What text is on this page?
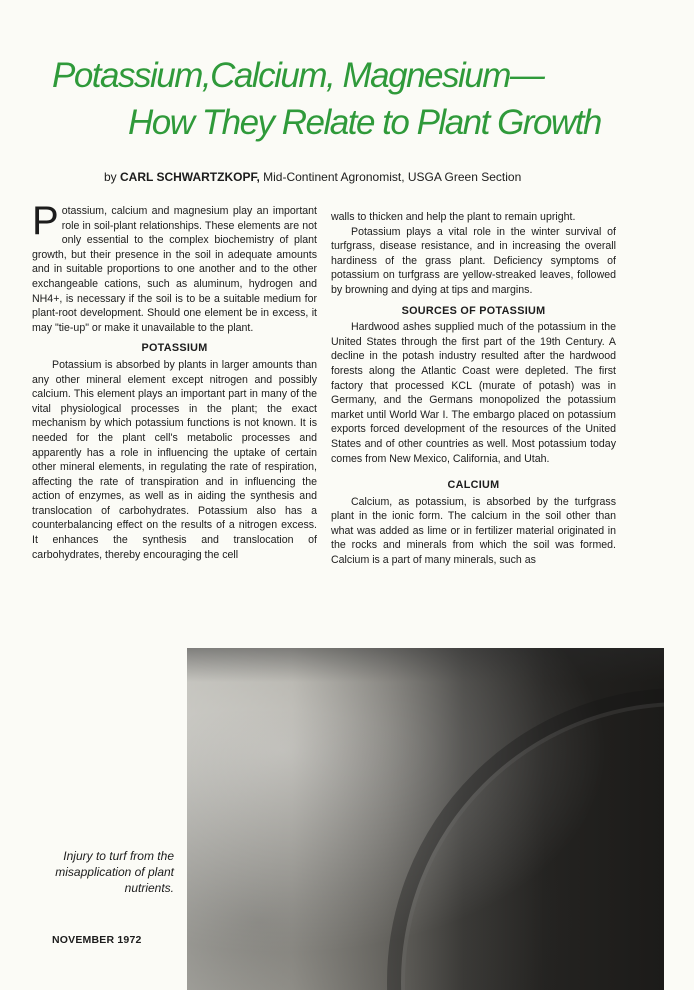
Potassium,Calcium, Magnesium—
How They Relate to Plant Growth
by CARL SCHWARTZKOPF, Mid-Continent Agronomist, USGA Green Section

Potassium, calcium and magnesium play an important role in soil-plant relationships. These elements are not only essential to the complex biochemistry of plant growth, but their presence in the soil in adequate amounts and in suitable proportions to one another and to the other exchangeable cations, such as aluminum, hydrogen and NH4+, is necessary if the soil is to be a suitable medium for plant-root development. Should one element be in excess, it may "tie-up" or make it unavailable to the plant.

POTASSIUM

Potassium is absorbed by plants in larger amounts than any other mineral element except nitrogen and possibly calcium. This element plays an important part in many of the vital physiological processes in the plant; the exact mechanism by which potassium functions is not known. It is needed for the plant cell's metabolic processes and apparently has a role in influencing the uptake of certain other mineral elements, in regulating the rate of respiration, affecting the rate of transpiration and in influencing the action of enzymes, as well as in aiding the synthesis and translocation of carbohydrates. Potassium also has a counterbalancing effect on the results of a nitrogen excess. It enhances the synthesis and translocation of carbohydrates, thereby encouraging the cell

walls to thicken and help the plant to remain upright.

Potassium plays a vital role in the winter survival of turfgrass, disease resistance, and in increasing the overall hardiness of the grass plant. Deficiency symptoms of potassium on turfgrass are yellow-streaked leaves, followed by browning and dying at tips and margins.

SOURCES OF POTASSIUM

Hardwood ashes supplied much of the potassium in the United States through the first part of the 19th Century. A decline in the potash industry resulted after the hardwood forests along the Atlantic Coast were depleted. The first factory that processed KCL (murate of potash) was in Germany, and the Germans monopolized the potassium market until World War I. The embargo placed on potassium exports forced development of the resources of the United States and of other countries as well. Most potassium today comes from New Mexico, California, and Utah.

CALCIUM

Calcium, as potassium, is absorbed by the turfgrass plant in the ionic form. The calcium in the soil other than what was added as lime or in fertilizer material originated in the rocks and minerals from which the soil was formed. Calcium is a part of many minerals, such as

Injury to turf from the misapplication of plant nutrients.
NOVEMBER 1972
